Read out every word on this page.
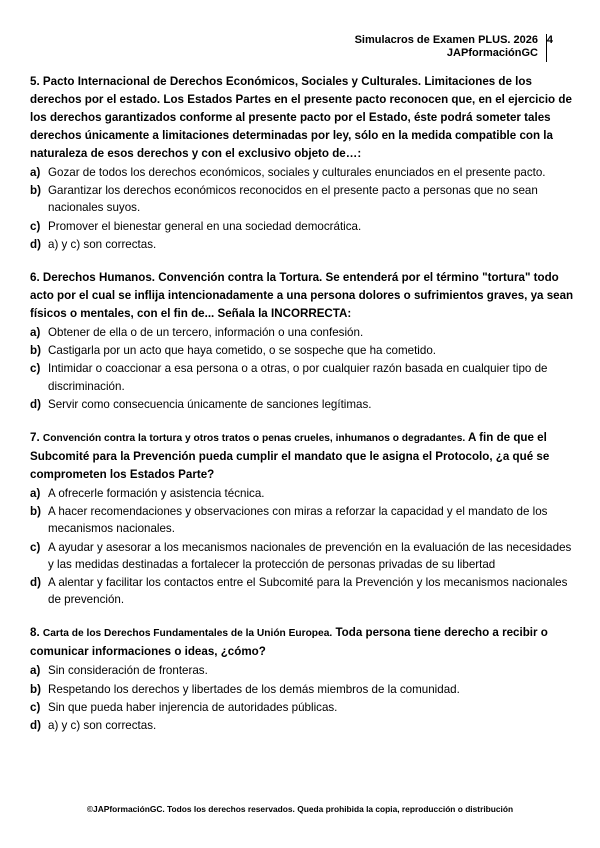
Simulacros de Examen PLUS. 2026
JAPformaciónGC
4

5. Pacto Internacional de Derechos Económicos, Sociales y Culturales. Limitaciones de los derechos por el estado. Los Estados Partes en el presente pacto reconocen que, en el ejercicio de los derechos garantizados conforme al presente pacto por el Estado, éste podrá someter tales derechos únicamente a limitaciones determinadas por ley, sólo en la medida compatible con la naturaleza de esos derechos y con el exclusivo objeto de…:

a) Gozar de todos los derechos económicos, sociales y culturales enunciados en el presente pacto.
b) Garantizar los derechos económicos reconocidos en el presente pacto a personas que no sean nacionales suyos.
c) Promover el bienestar general en una sociedad democrática.
d) a) y c) son correctas.

6. Derechos Humanos. Convención contra la Tortura. Se entenderá por el término "tortura" todo acto por el cual se inflija intencionadamente a una persona dolores o sufrimientos graves, ya sean físicos o mentales, con el fin de... Señala la INCORRECTA:

a) Obtener de ella o de un tercero, información o una confesión.
b) Castigarla por un acto que haya cometido, o se sospeche que ha cometido.
c) Intimidar o coaccionar a esa persona o a otras, o por cualquier razón basada en cualquier tipo de discriminación.
d) Servir como consecuencia únicamente de sanciones legítimas.

7. Convención contra la tortura y otros tratos o penas crueles, inhumanos o degradantes. A fin de que el Subcomité para la Prevención pueda cumplir el mandato que le asigna el Protocolo, ¿a qué se comprometen los Estados Parte?

a) A ofrecerle formación y asistencia técnica.
b) A hacer recomendaciones y observaciones con miras a reforzar la capacidad y el mandato de los mecanismos nacionales.
c) A ayudar y asesorar a los mecanismos nacionales de prevención en la evaluación de las necesidades y las medidas destinadas a fortalecer la protección de personas privadas de su libertad
d) A alentar y facilitar los contactos entre el Subcomité para la Prevención y los mecanismos nacionales de prevención.

8. Carta de los Derechos Fundamentales de la Unión Europea. Toda persona tiene derecho a recibir o comunicar informaciones o ideas, ¿cómo?

a) Sin consideración de fronteras.
b) Respetando los derechos y libertades de los demás miembros de la comunidad.
c) Sin que pueda haber injerencia de autoridades públicas.
d) a) y c) son correctas.
©JAPformaciónGC. Todos los derechos reservados. Queda prohibida la copia, reproducción o distribución
